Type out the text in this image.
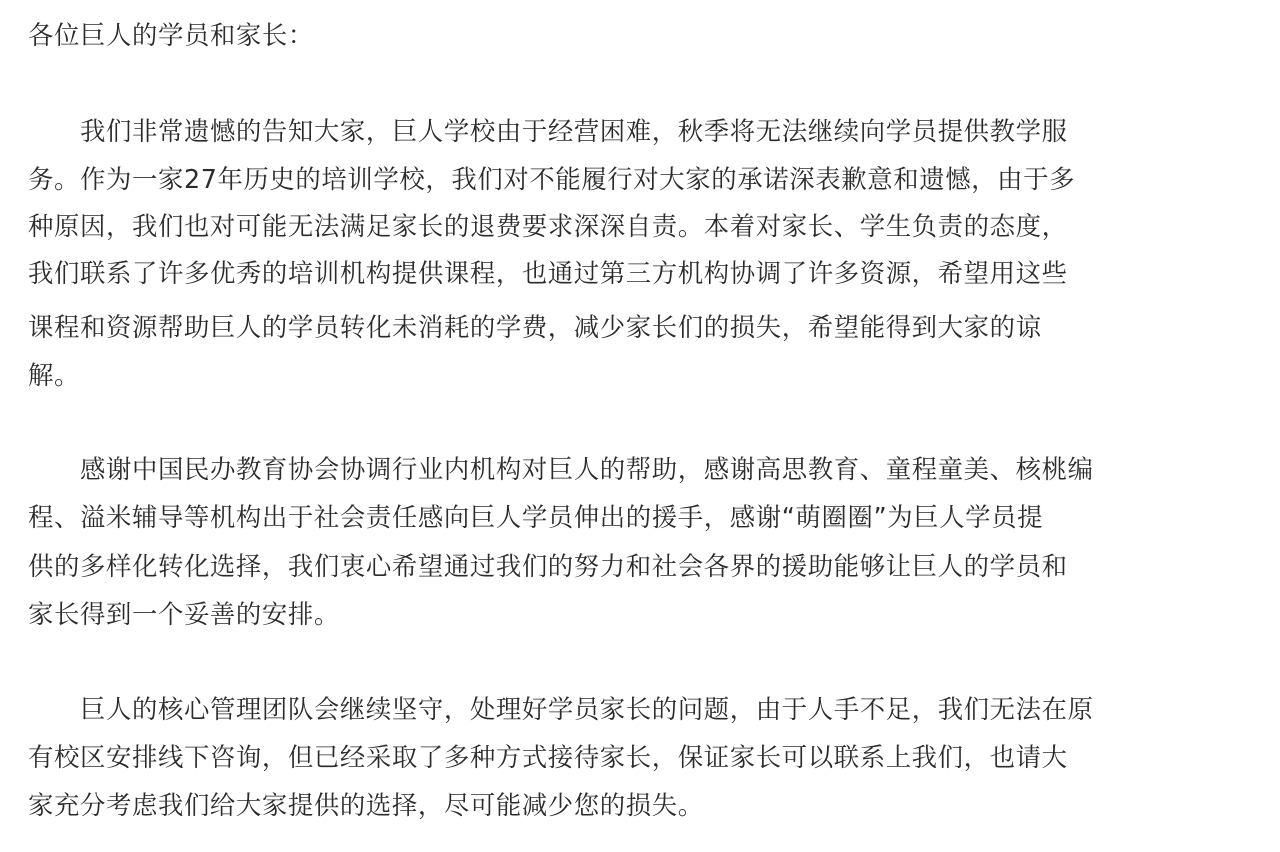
各位巨人的学员和家长：

我们非常遗憾的告知大家，巨人学校由于经营困难，秋季将无法继续向学员提供教学服

务。作为一家27年历史的培训学校，我们对不能履行对大家的承诺深表歉意和遗憾，由于多

种原因，我们也对可能无法满足家长的退费要求深深自责。本着对家长、学生负责的态度，

我们联系了许多优秀的培训机构提供课程，也通过第三方机构协调了许多资源，希望用这些

课程和资源帮助巨人的学员转化未消耗的学费，减少家长们的损失，希望能得到大家的谅

解。

感谢中国民办教育协会协调行业内机构对巨人的帮助，感谢高思教育、童程童美、核桃编

程、溢米辅导等机构出于社会责任感向巨人学员伸出的援手，感谢“萌圈圈”为巨人学员提

供的多样化转化选择，我们衷心希望通过我们的努力和社会各界的援助能够让巨人的学员和

家长得到一个妥善的安排。

巨人的核心管理团队会继续坚守，处理好学员家长的问题，由于人手不足，我们无法在原

有校区安排线下咨询，但已经采取了多种方式接待家长，保证家长可以联系上我们，也请大

家充分考虑我们给大家提供的选择，尽可能减少您的损失。
